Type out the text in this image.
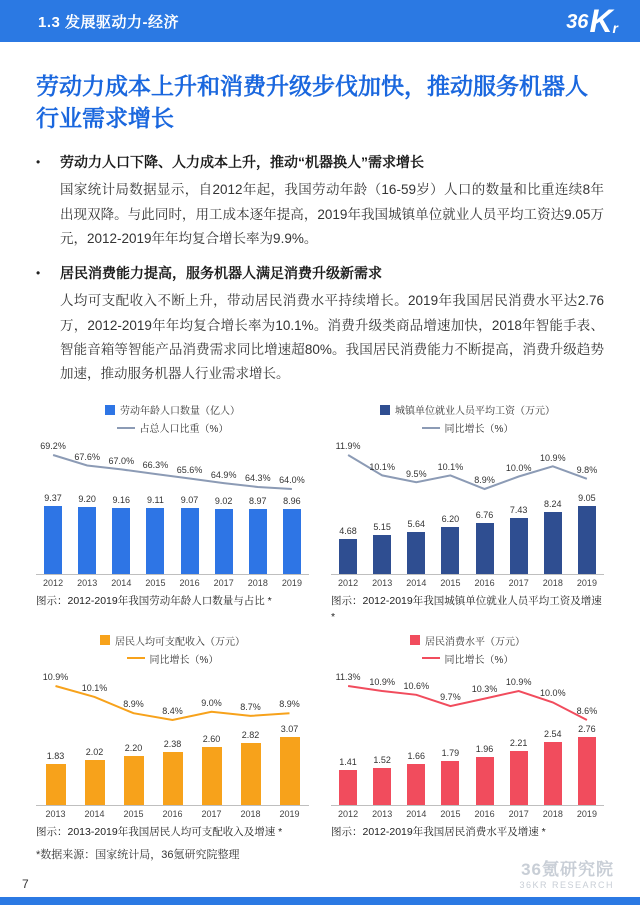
1.3 发展驱动力-经济	36 K r
劳动力成本上升和消费升级步伐加快，推动服务机器人行业需求增长
•	劳动力人口下降、人力成本上升，推动“机器换人”需求增长

国家统计局数据显示，自2012年起，我国劳动年龄（16-59岁）人口的数量和比重连续8年出现双降。与此同时，用工成本逐年提高，2019年我国城镇单位就业人员平均工资达9.05万元，2012-2019年年均复合增长率为9.9%。

•	居民消费能力提高，服务机器人满足消费升级新需求

人均可支配收入不断上升，带动居民消费水平持续增长。2019年我国居民消费水平达2.76万，2012-2019年年均复合增长率为10.1%。消费升级类商品增速加快，2018年智能手表、智能音箱等智能产品消费需求同比增速超80%。我国居民消费能力不断提高，消费升级趋势加速，推动服务机器人行业需求增长。

劳动年龄人口数量（亿人）
占总人口比重（%）
9.37 9.20 9.16 9.11 9.07 9.02 8.97 8.96
69.2%
67.6% 67.0% 66.3% 65.6% 64.9% 64.3% 64.0%
2012	2013	2014	2015	2016	2017	2018	2019
图示：2012-2019年我国劳动年龄人口数量与占比 *
城镇单位就业人员平均工资（万元）
同比增长（%）
4.68 5.15 5.64 6.20 6.76 7.43
8.24
9.05
11.9%
10.1%
9.5%
10.1%
8.9%
10.0%
10.9%
9.8%
2012	2013	2014	2015	2016	2017	2018	2019
图示：2012-2019年我国城镇单位就业人员平均工资及增速 *
居民人均可支配收入（万元）
同比增长（%）
1.83 2.02 2.20 2.38 2.60 2.82
3.07
10.9%
10.1%
8.9%
8.4%
9.0% 8.7% 8.9%
2013	2014	2015	2016	2017	2018	2019
图示：2013-2019年我国居民人均可支配收入及增速 *
居民消费水平（万元）
同比增长（%）
1.41 1.52 1.66 1.79 1.96
2.21
2.54 2.76
11.3%
10.9% 10.6%
9.7%
10.3%
10.9%
10.0%
8.6%
2012	2013	2014	2015	2016	2017	2018	2019
图示：2012-2019年我国居民消费水平及增速 *
*数据来源：国家统计局，36氪研究院整理
7
36氪研究院
36KR RESEARCH
